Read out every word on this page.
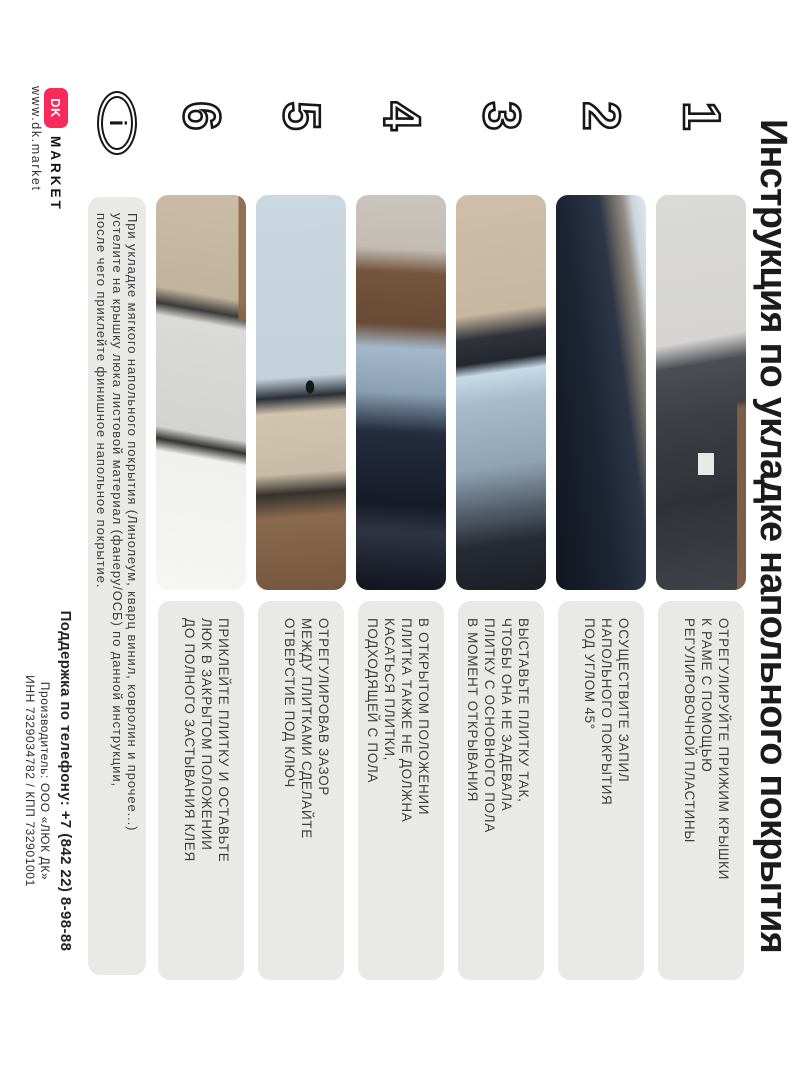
Инструкция по укладке напольного покрытия
1
ОТРЕГУЛИРУЙТЕ ПРИЖИМ КРЫШКИ
К РАМЕ С ПОМОЩЬЮ
РЕГУЛИРОВОЧНОЙ ПЛАСТИНЫ
2
ОСУЩЕСТВИТЕ ЗАПИЛ
НАПОЛЬНОГО ПОКРЫТИЯ
ПОД УГЛОМ 45°
3
ВЫСТАВЬТЕ ПЛИТКУ ТАК,
ЧТОБЫ ОНА НЕ ЗАДЕВАЛА
ПЛИТКУ С ОСНОВНОГО ПОЛА
В МОМЕНТ ОТКРЫВАНИЯ
4
В ОТКРЫТОМ ПОЛОЖЕНИИ
ПЛИТКА ТАКЖЕ НЕ ДОЛЖНА
КАСАТЬСЯ ПЛИТКИ,
ПОДХОДЯЩЕЙ С ПОЛА
5
ОТРЕГУЛИРОВАВ ЗАЗОР
МЕЖДУ ПЛИТКАМИ СДЕЛАЙТЕ
ОТВЕРСТИЕ ПОД КЛЮЧ
6
ПРИКЛЕЙТЕ ПЛИТКУ И ОСТАВЬТЕ
ЛЮК В ЗАКРЫТОМ ПОЛОЖЕНИИ
ДО ПОЛНОГО ЗАСТЫВАНИЯ КЛЕЯ
i
При укладке мягкого напольного покрытия (Линолеум, кварц винил, ковролин и прочее...)
устелите на крышку люка листовой материал (фанеру/ОСБ) по данной инструкции,
после чего приклейте финишное напольное покрытие.
Поддержка по телефону: +7 (842 22) 8-98-88
Производитель: ООО «ЛЮК ДК»
ИНН 7329034782 / КПП 732901001
DK
MARKET
www.dk.market
